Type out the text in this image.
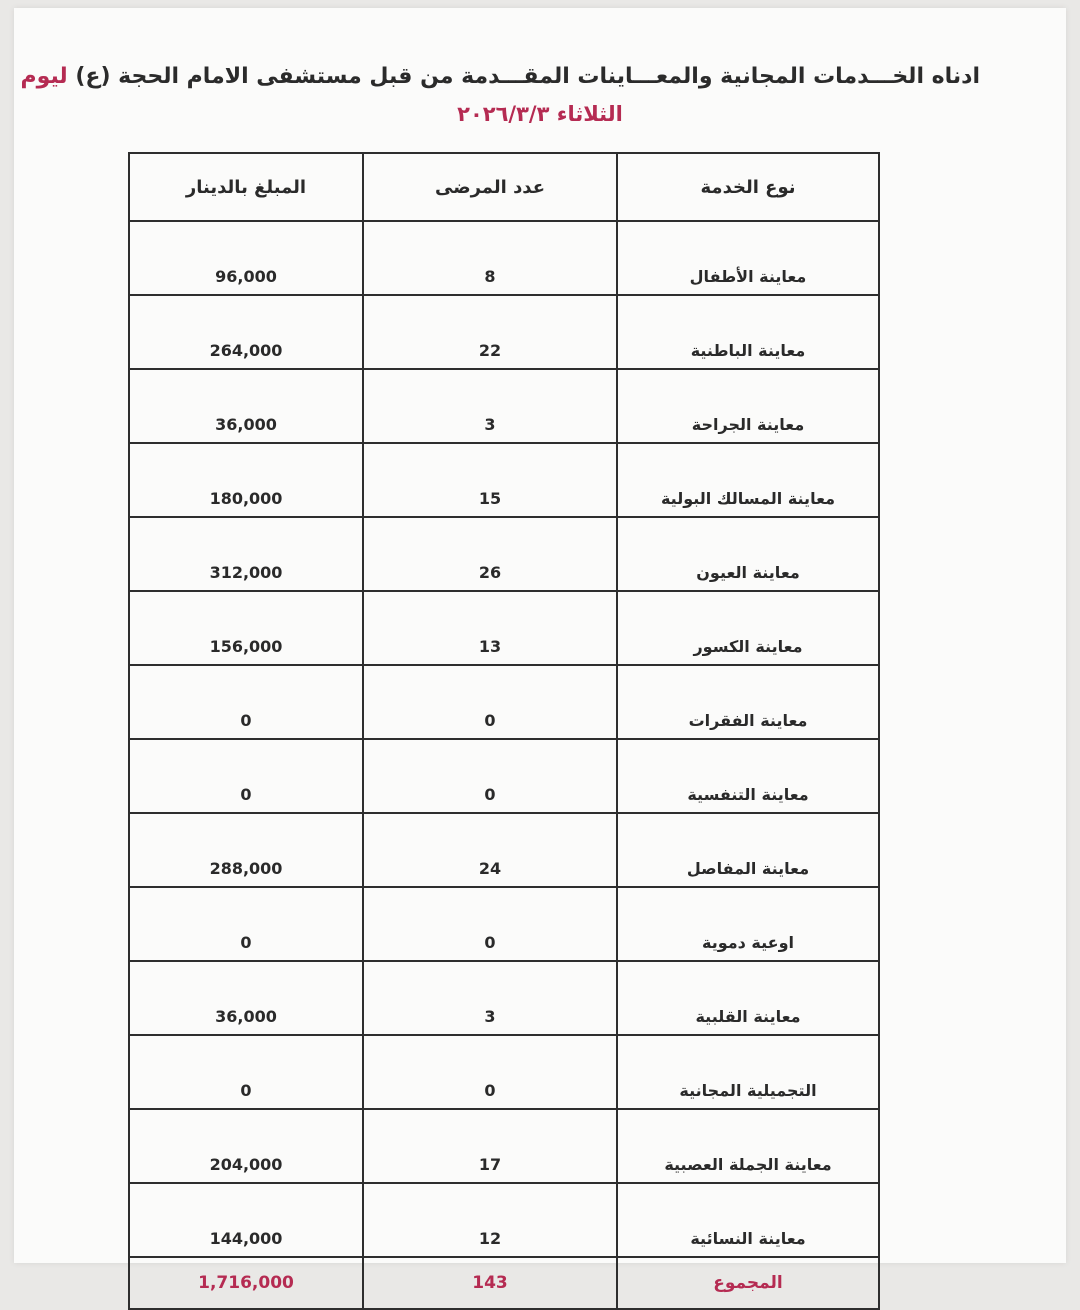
ادناه الخـــدمات المجانية والمعـــاينات المقـــدمة من قبل مستشفى الامام الحجة (ع) ليوم
الثلاثاء ٢٠٢٦/٣/٣
المبلغ بالدينار	عدد المرضى	نوع الخدمة
96,000	8	معاينة الأطفال
264,000	22	معاينة الباطنية
36,000	3	معاينة الجراحة
180,000	15	معاينة المسالك البولية
312,000	26	معاينة العيون
156,000	13	معاينة الكسور
0	0	معاينة الفقرات
0	0	معاينة التنفسية
288,000	24	معاينة المفاصل
0	0	اوعية دموية
36,000	3	معاينة القلبية
0	0	التجميلية المجانية
204,000	17	معاينة الجملة العصبية
144,000	12	معاينة النسائية
1,716,000	143	المجموع
